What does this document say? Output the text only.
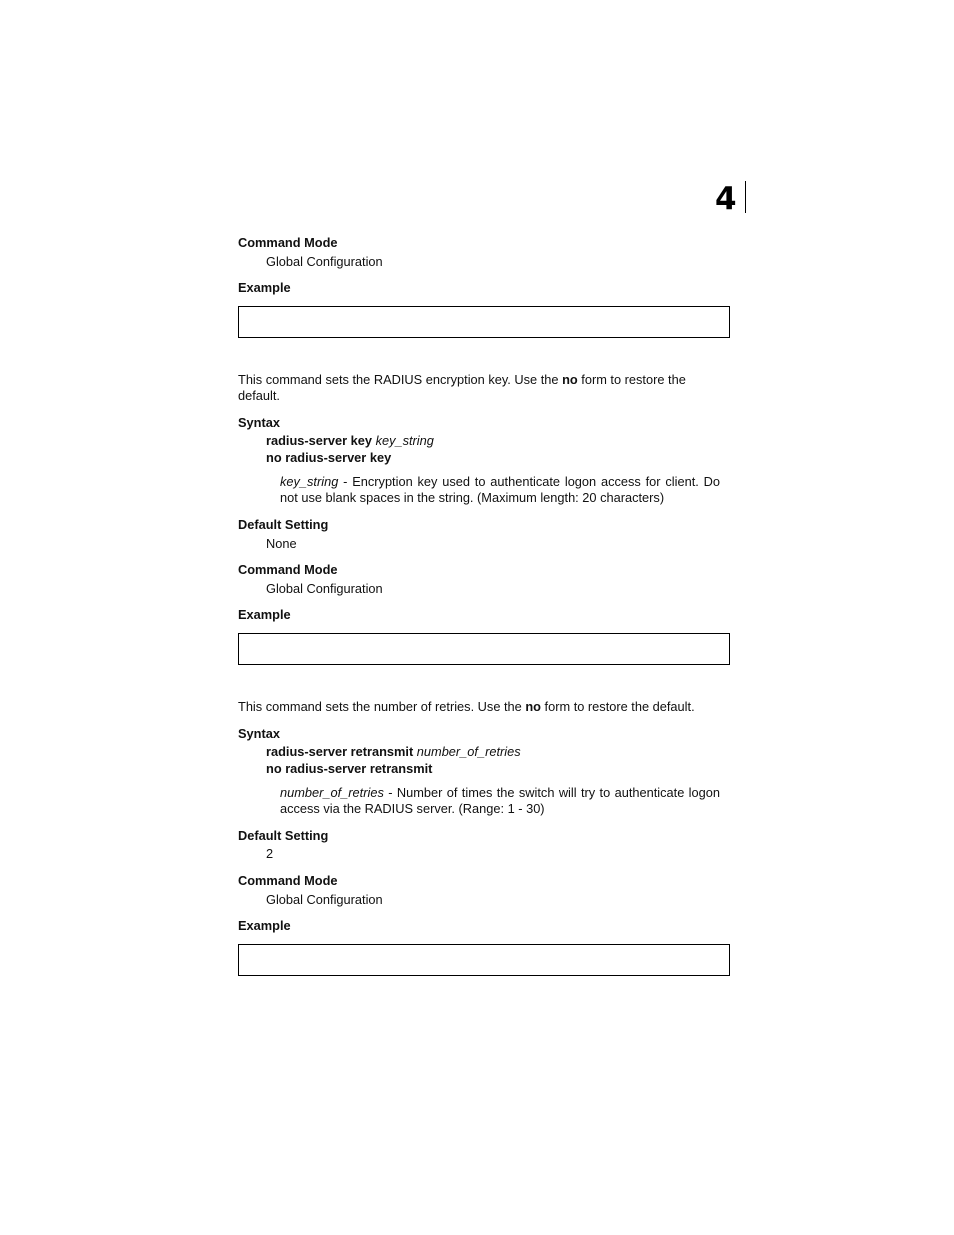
4
Command Mode
Global Configuration
Example
This command sets the RADIUS encryption key. Use the no form to restore the default.
Syntax
radius-server key key_string
no radius-server key
key_string - Encryption key used to authenticate logon access for client. Do not use blank spaces in the string. (Maximum length: 20 characters)
Default Setting
None
Command Mode
Global Configuration
Example
This command sets the number of retries. Use the no form to restore the default.
Syntax
radius-server retransmit number_of_retries
no radius-server retransmit
number_of_retries - Number of times the switch will try to authenticate logon access via the RADIUS server. (Range: 1 - 30)
Default Setting
2
Command Mode
Global Configuration
Example
